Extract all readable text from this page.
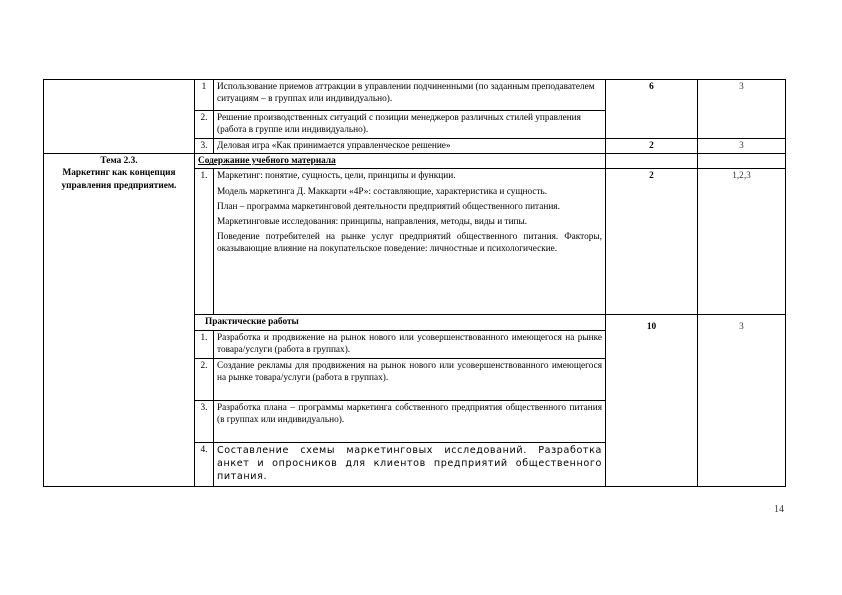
	1	Использование приемов аттракции в управлении подчиненными (по заданным преподавателем ситуациям – в группах или индивидуально).	6	3
	2.	Решение производственных ситуаций с позиции менеджеров различных стилей управления (работа в группе или индивидуально).		
	3.	Деловая игра «Как принимается управленческое решение»	2	3

Тема 2.3.
Маркетинг как концепция управления предприятием.	Содержание учебного материала			
	1.	Маркетинг: понятие, сущность, цели, принципы и функции.
Модель маркетинга Д. Маккарти «4Р»: составляющие, характеристика и сущность.
План – программа маркетинговой деятельности предприятий общественного питания.
Маркетинговые исследования: принципы, направления, методы, виды и типы.
Поведение потребителей на рынке услуг предприятий общественного питания. Факторы, оказывающие влияние на покупательское поведение: личностные и психологические.	2	1,2,3
	Практические работы		10	3
	1.	Разработка и продвижение на рынок нового или усовершенствованного имеющегося на рынке товара/услуги (работа в группах).		
	2.	Создание рекламы для продвижения на рынок нового или усовершенствованного имеющегося на рынке товара/услуги (работа в группах).		
	3.	Разработка плана – программы маркетинга собственного предприятия общественного питания (в группах или индивидуально).		
	4.	Составление схемы маркетинговых исследований. Разработка анкет и опросников для клиентов предприятий общественного питания.		
14
